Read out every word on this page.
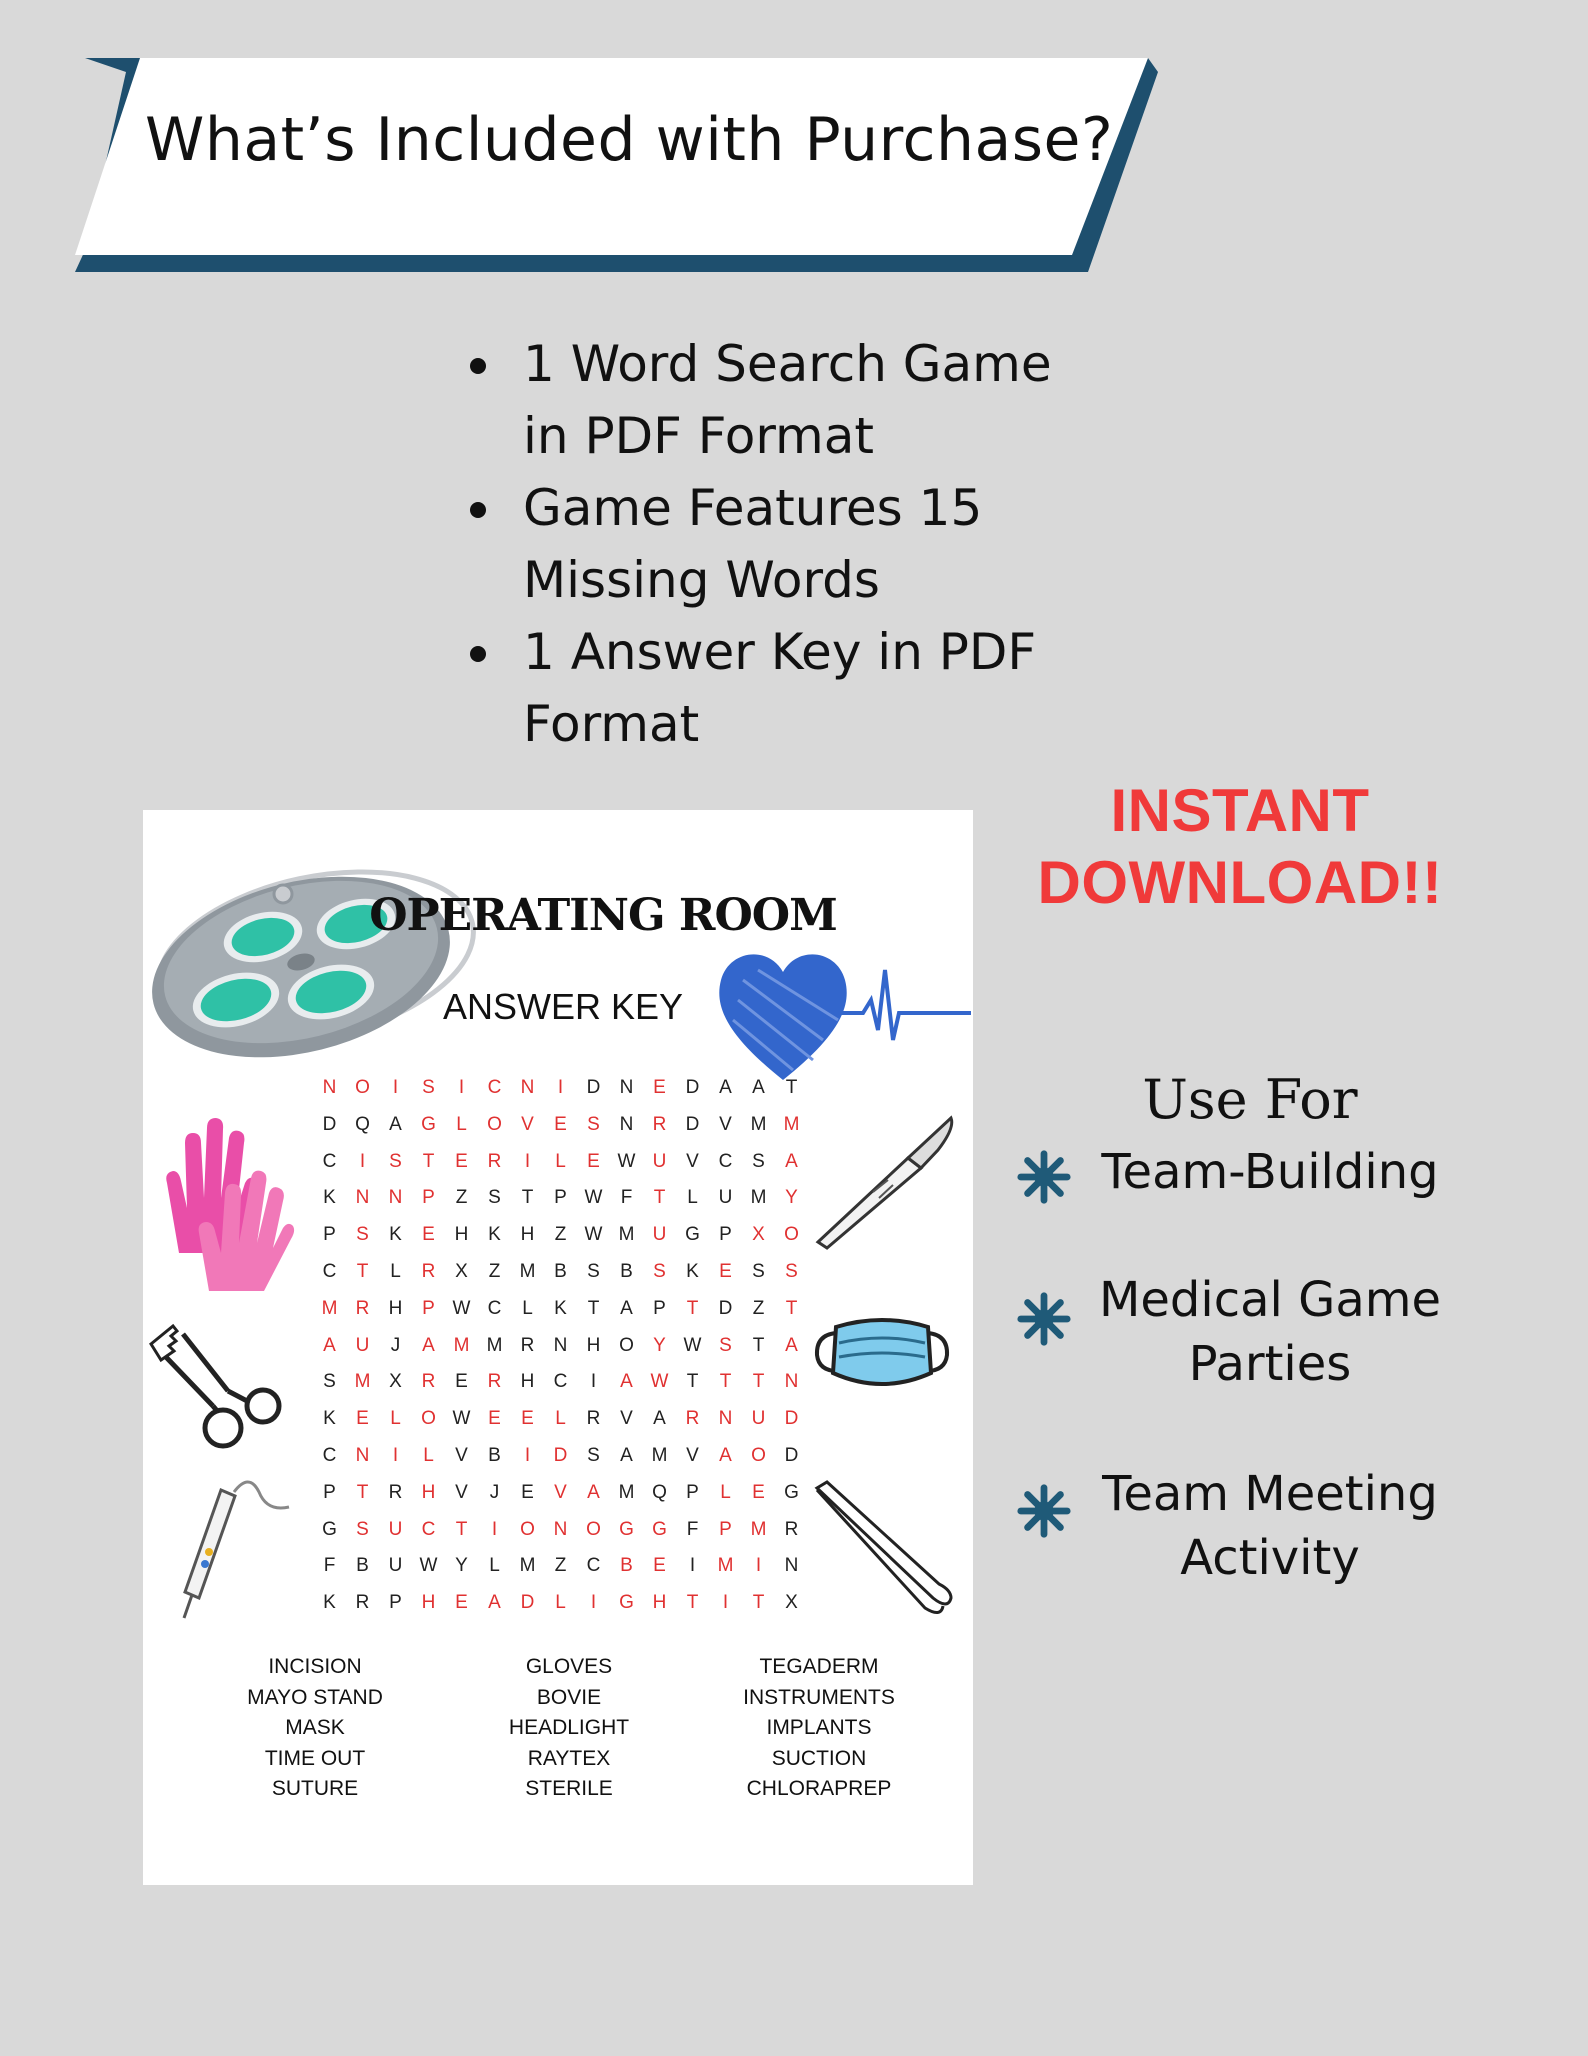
What’s Included with Purchase?
1 Word Search Game in PDF Format
Game Features 15 Missing Words
1 Answer Key in PDF Format
INSTANT
DOWNLOAD!!
Use For
Team-Building
Medical Game
Parties
Team Meeting
Activity
OPERATING ROOM
ANSWER KEY
N O	I	S	I	C	N	I	D	N	E	D	A	A	T
D Q	A	G	L	O	V	E	S	N	R	D	V M M
C	I	S	T	E	R	I	L	E W U	V	C	S	A
K	N	N	P	Z	S	T	P W F	T	L	U M Y
P	S	K	E	H	K	H	Z W M U G	P	X	O
C	T	L	R	X	Z	M B	S	B	S	K	E	S	S
M R	H	P W C	L	K	T	A	P	T	D	Z	T
A	U	J	A M M R	N	H O	Y W S	T	A
S M X	R	E	R	H	C	I	A W T	T	T	N
K	E	L	O W E	E	L	R	V	A	R	N	U	D
C	N	I	L	V	B	I	D	S	A M V	A	O D
P	T	R	H	V	J	E	V	A M Q	P	L	E	G
G	S	U	C	T	I	O N O G G	F	P M R
F	B	U W Y	L	M	Z	C	B	E	I	M	I	N
K	R	P	H	E	A	D	L	I	G H	T	I	T	X
INCISION
MAYO STAND
MASK
TIME OUT
SUTURE
GLOVES
BOVIE
HEADLIGHT
RAYTEX
STERILE
TEGADERM
INSTRUMENTS
IMPLANTS
SUCTION
CHLORAPREP
